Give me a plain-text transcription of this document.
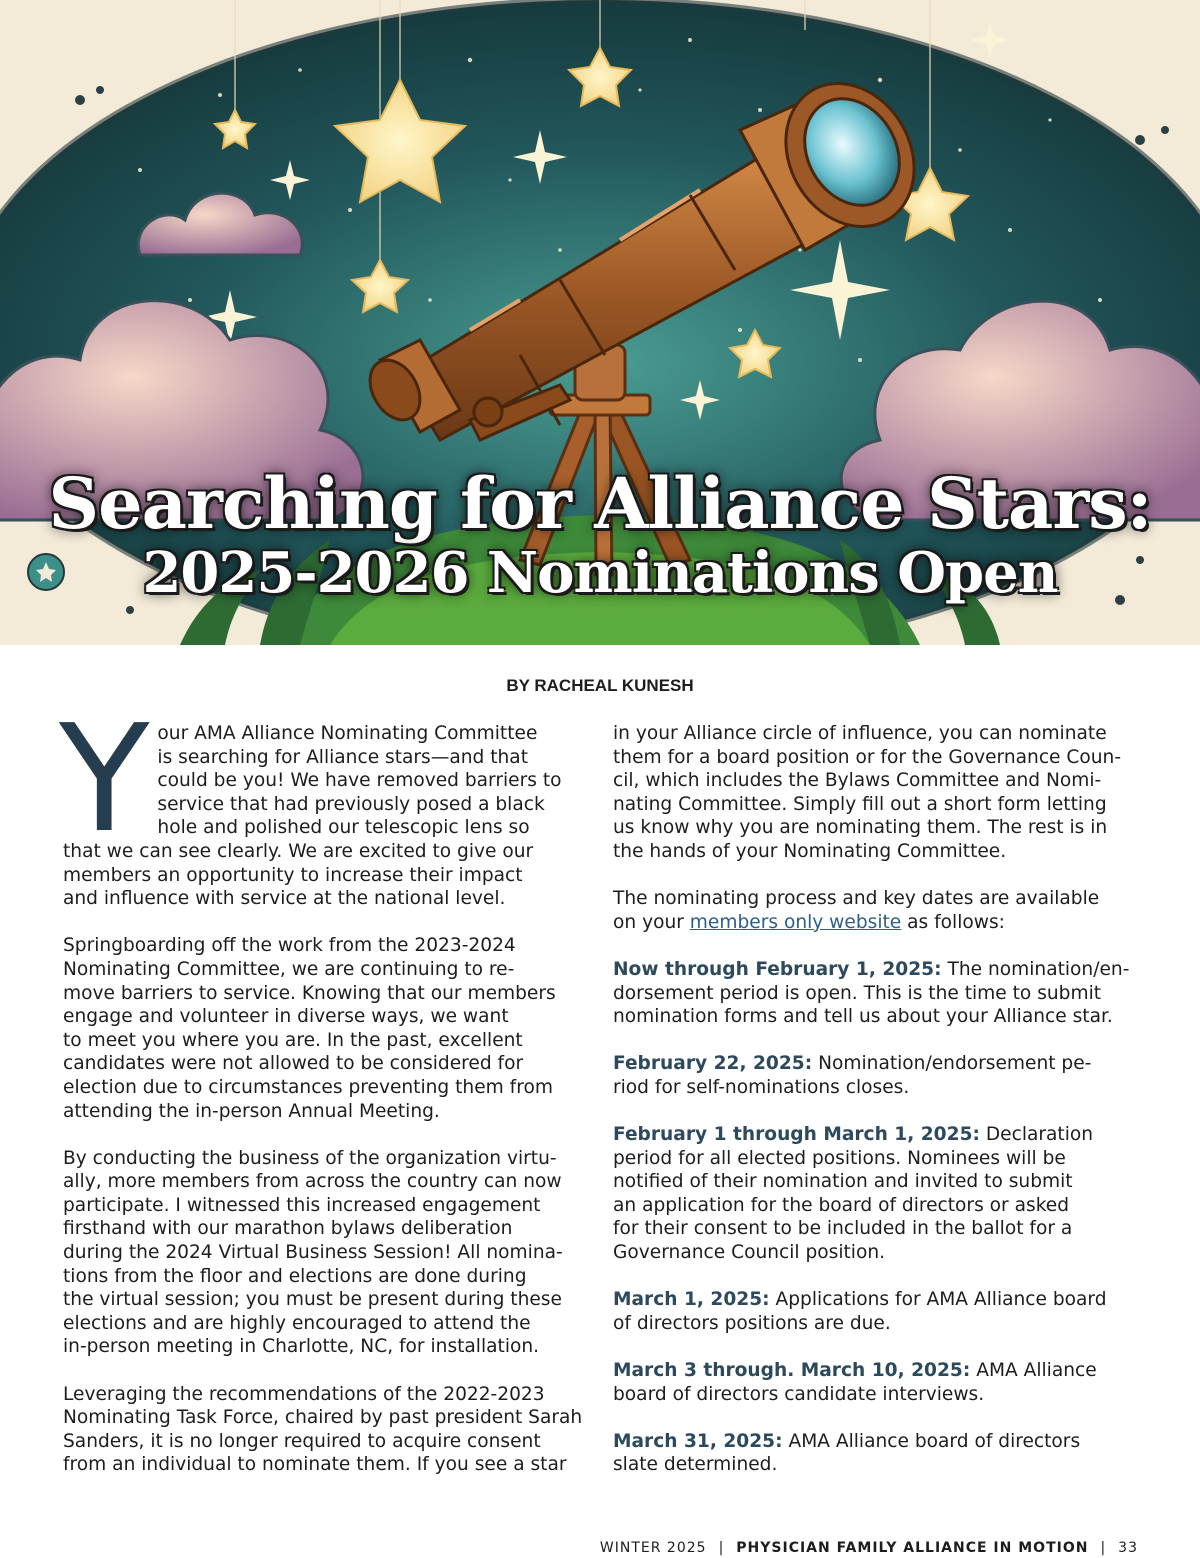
Searching for Alliance Stars:
2025-2026 Nominations Open
BY RACHEAL KUNESH

Y our AMA Alliance Nominating Committee
is searching for Alliance stars—and that
could be you! We have removed barriers to
service that had previously posed a black
hole and polished our telescopic lens so
that we can see clearly. We are excited to give our
members an opportunity to increase their impact
and influence with service at the national level.

Springboarding off the work from the 2023-2024
Nominating Committee, we are continuing to re-
move barriers to service. Knowing that our members
engage and volunteer in diverse ways, we want
to meet you where you are. In the past, excellent
candidates were not allowed to be considered for
election due to circumstances preventing them from
attending the in-person Annual Meeting.

By conducting the business of the organization virtu-
ally, more members from across the country can now
participate. I witnessed this increased engagement
firsthand with our marathon bylaws deliberation
during the 2024 Virtual Business Session! All nomina-
tions from the floor and elections are done during
the virtual session; you must be present during these
elections and are highly encouraged to attend the
in-person meeting in Charlotte, NC, for installation.

Leveraging the recommendations of the 2022-2023
Nominating Task Force, chaired by past president Sarah
Sanders, it is no longer required to acquire consent
from an individual to nominate them. If you see a star

in your Alliance circle of influence, you can nominate
them for a board position or for the Governance Coun-
cil, which includes the Bylaws Committee and Nomi-
nating Committee. Simply fill out a short form letting
us know why you are nominating them. The rest is in
the hands of your Nominating Committee.

The nominating process and key dates are available
on your members only website as follows:

Now through February 1, 2025: The nomination/en-
dorsement period is open. This is the time to submit
nomination forms and tell us about your Alliance star.

February 22, 2025: Nomination/endorsement pe-
riod for self-nominations closes.

February 1 through March 1, 2025: Declaration
period for all elected positions. Nominees will be
notified of their nomination and invited to submit
an application for the board of directors or asked
for their consent to be included in the ballot for a
Governance Council position.

March 1, 2025: Applications for AMA Alliance board
of directors positions are due.

March 3 through. March 10, 2025: AMA Alliance
board of directors candidate interviews.

March 31, 2025: AMA Alliance board of directors
slate determined.

WINTER 2025 | PHYSICIAN FAMILY ALLIANCE IN MOTION | 33
